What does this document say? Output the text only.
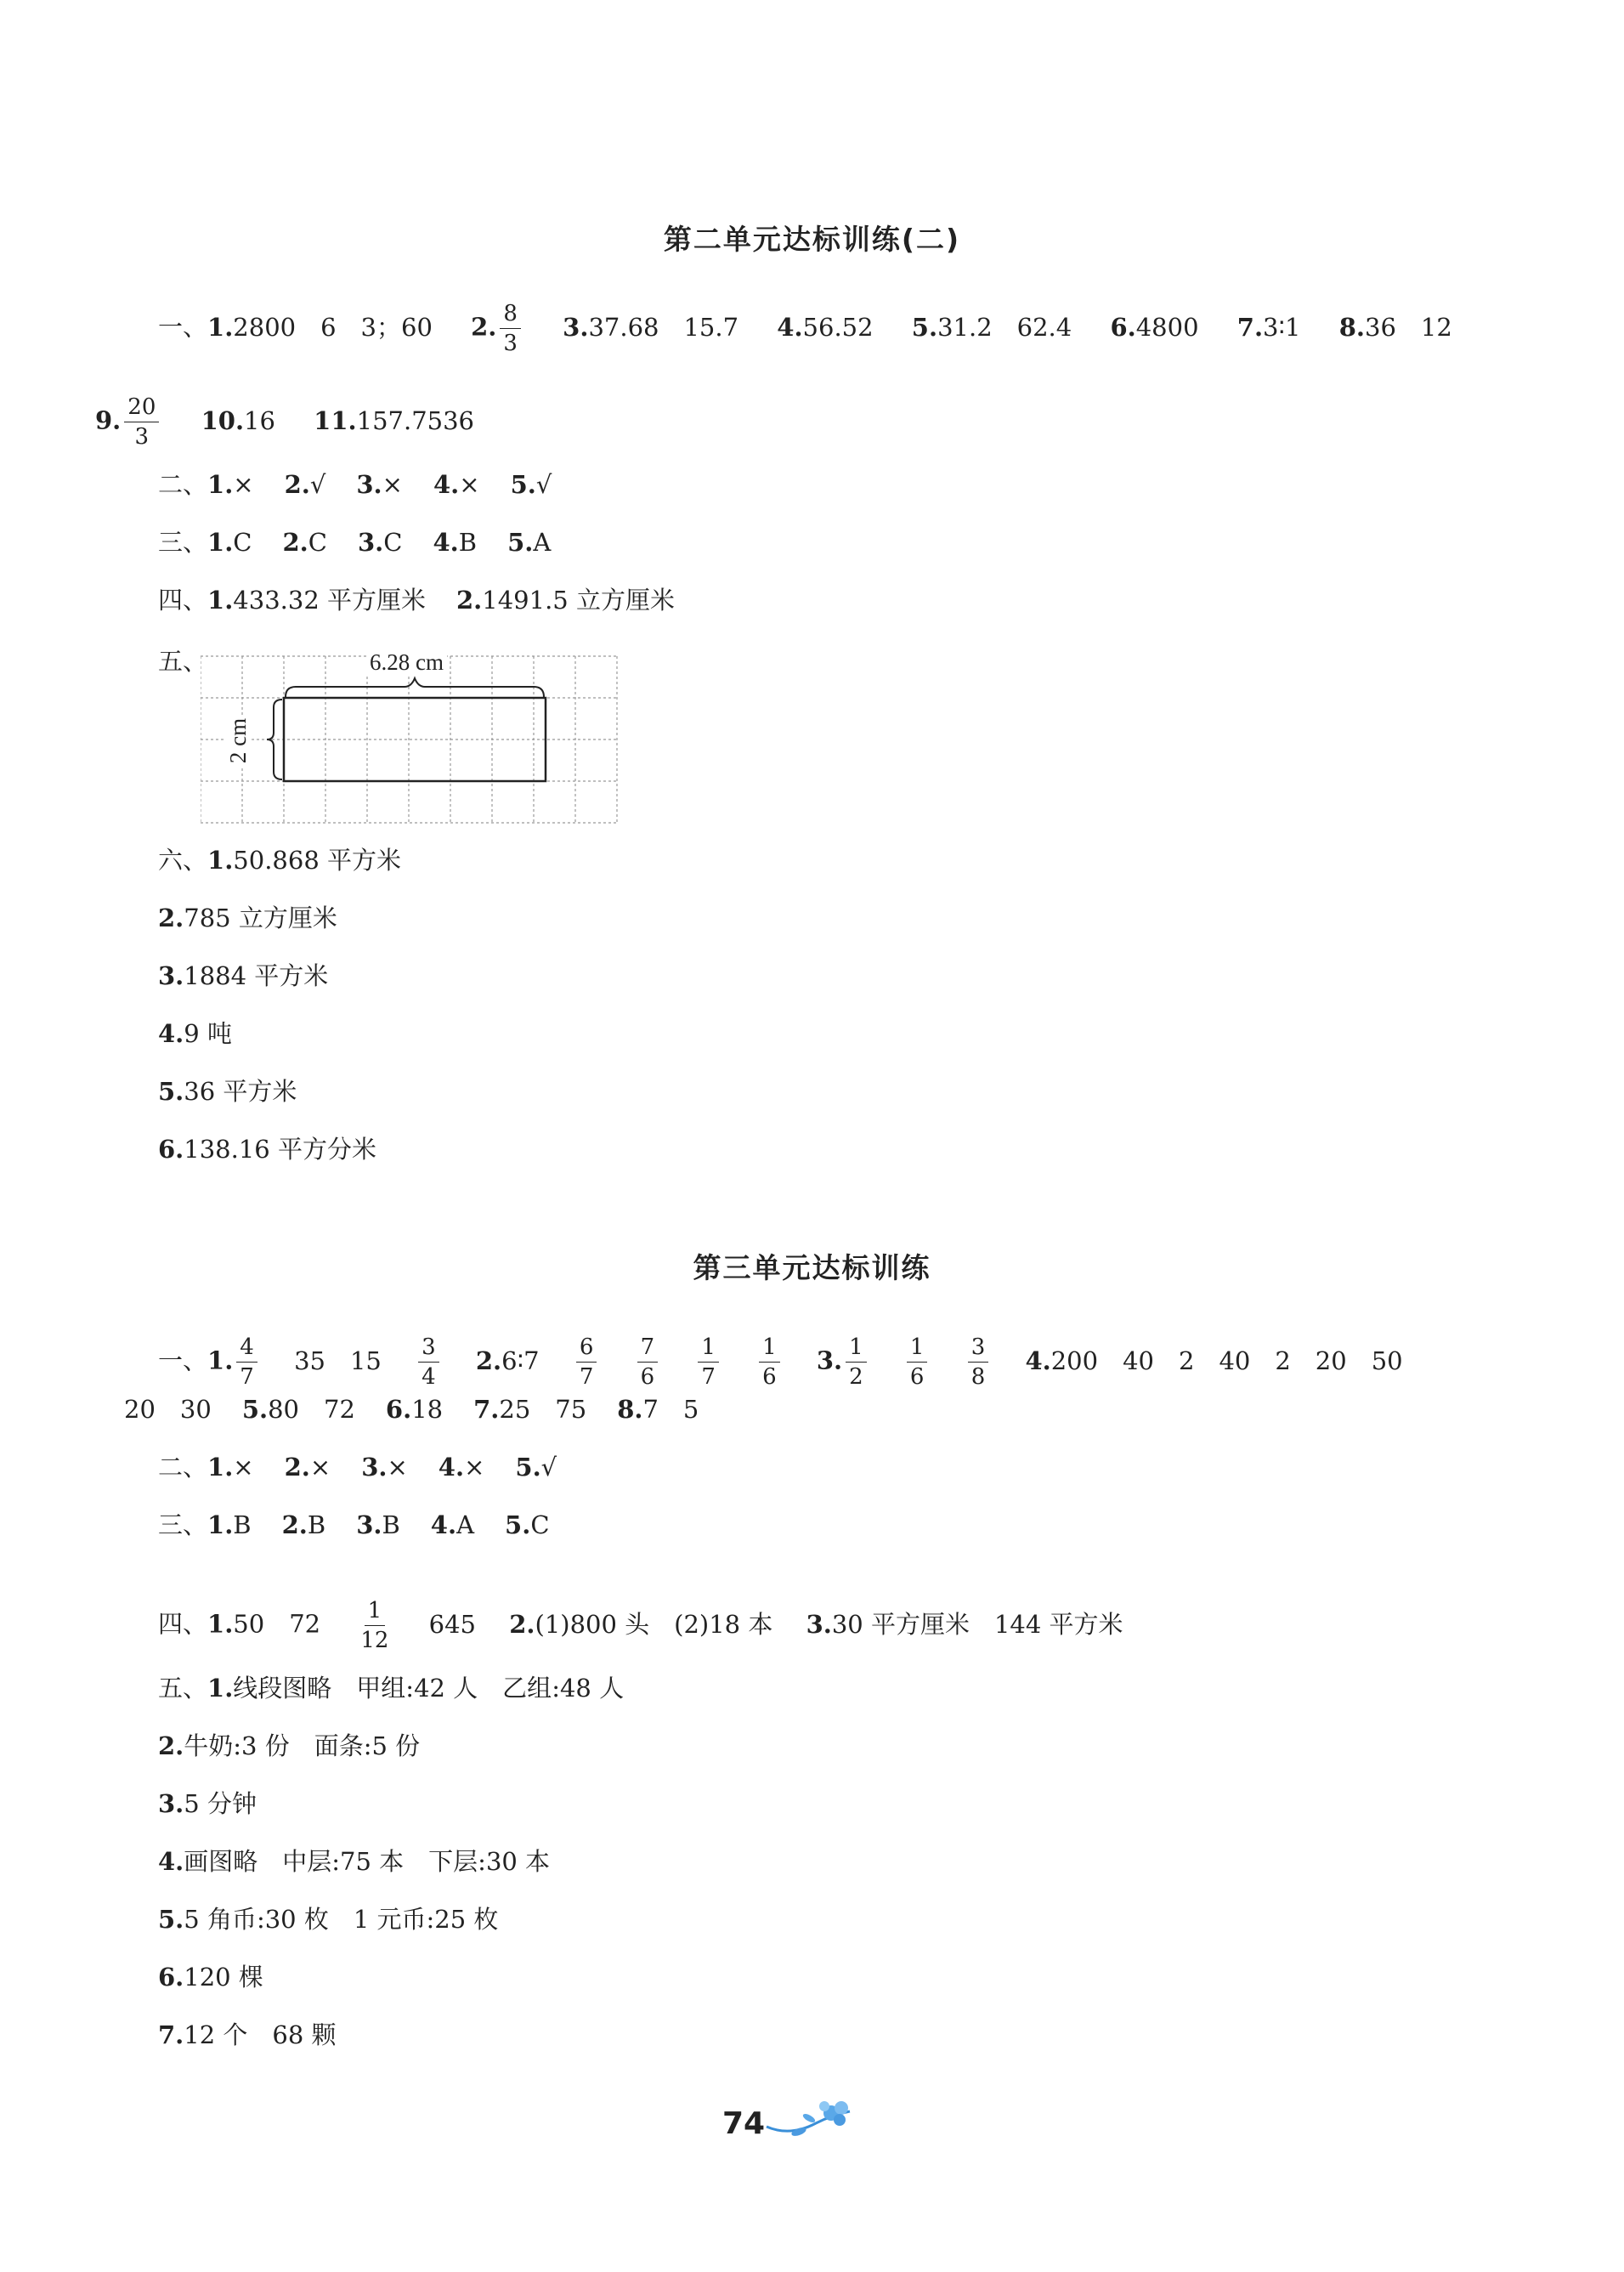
第二单元达标训练(二)
一、1.2800　6　3；60 2. $\frac{8}{3} 3.37.68$　15.7 4.56.52 5.31.2　62.4 6.4800 7.3∶1 8.36　12
9. $\frac{20}{3} 10.16$ 11.157.7536
二、1.× 2.√ 3.× 4.× 5.√
三、1.C 2.C 3.C 4.B 5.A
四、1.433.32 平方厘米 2.1491.5 立方厘米
五、	6.28 cm
2 cm
六、1.50.868 平方米
2.785 立方厘米
3.1884 平方米
4.9 吨
5.36 平方米
6.138.16 平方分米
第三单元达标训练
一、1. $\frac{4}{7} 35$　$15 \frac{3}{4}$ 2.6∶7 $\frac{6}{7}$
$\frac{7}{6}$
$\frac{1}{7}$
$\frac{1}{6} 3$. $\frac{1}{2}$
$\frac{1}{6}$
$\frac{3}{8} 4.200$　40　2　40　2　20　50
20　30 5.80　72 6.18 7.25　75 8.7　5
二、1.× 2.× 3.× 4.× 5.√
三、1.B 2.B 3.B 4.A 5.C
四、1.50　$72 \frac{1}{12} 645$ 2.(1)800 头　(2)18 本 3.30 平方厘米　144 平方米
五、1.线段图略　甲组:42 人　乙组:48 人
2.牛奶:3 份　面条:5 份
3.5 分钟
4.画图略　中层:75 本　下层:30 本
5.5 角币:30 枚　1 元币:25 枚
6.120 棵
7.12 个　68 颗
74
